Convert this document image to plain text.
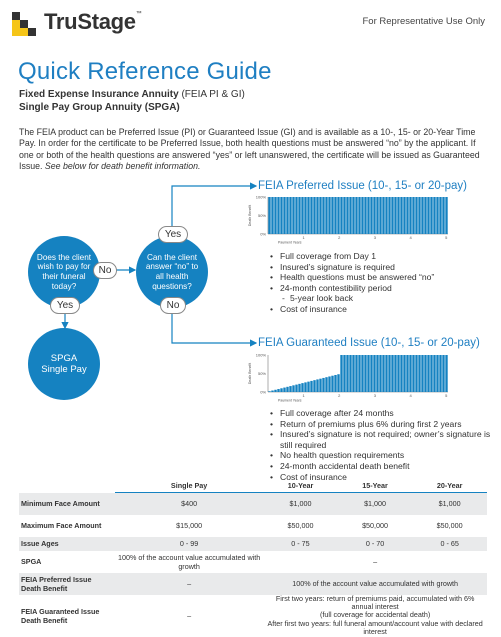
TruStage™
For Representative Use Only
Quick Reference Guide
Fixed Expense Insurance Annuity (FEIA PI & GI)
Single Pay Group Annuity (SPGA)
The FEIA product can be Preferred Issue (PI) or Guaranteed Issue (GI) and is available as a 10-, 15- or 20-Year Time Pay. In order for the certificate to be Preferred Issue, both health questions must be answered “no” by the applicant. If one or both of the health questions are answered “yes” or left unanswered, the certificate will be issued as Guaranteed Issue. See below for death benefit information.
Does the client wish to pay for their funeral today?
Can the client answer “no” to all health questions?
SPGA Single Pay
No
Yes
Yes
No
FEIA Preferred Issue (10-, 15- or 20-pay)
Death Benefit
100%
50%
0%
1	2	3	4	5
Payment Years
• Full coverage from Day 1
• Insured’s signature is required
• Health questions must be answered “no”
• 24-month contestibility period
- 5-year look back
• Cost of insurance
FEIA Guaranteed Issue (10-, 15- or 20-pay)
Death Benefit
100%
50%
0%
1	2	3	4	5
Payment Years
• Full coverage after 24 months
• Return of premiums plus 6% during first 2 years
• Insured’s signature is not required; owner’s signature is still required
• No health question requirements
• 24-month accidental death benefit
• Cost of insurance
	Single Pay	10-Year	15-Year	20-Year
Minimum Face Amount	$400	$1,000	$1,000	$1,000
Maximum Face Amount	$15,000	$50,000	$50,000	$50,000
Issue Ages	0 - 99	0 - 75	0 - 70	0 - 65
SPGA	100% of the account value accumulated with growth	–		
FEIA Preferred Issue Death Benefit	–	100% of the account value accumulated with growth		
FEIA Guaranteed Issue Death Benefit	–	First two years: return of premiums paid, accumulated with 6% annual interest
(full coverage for accidental death)
After first two years: full funeral amount/account value with declared interest		
